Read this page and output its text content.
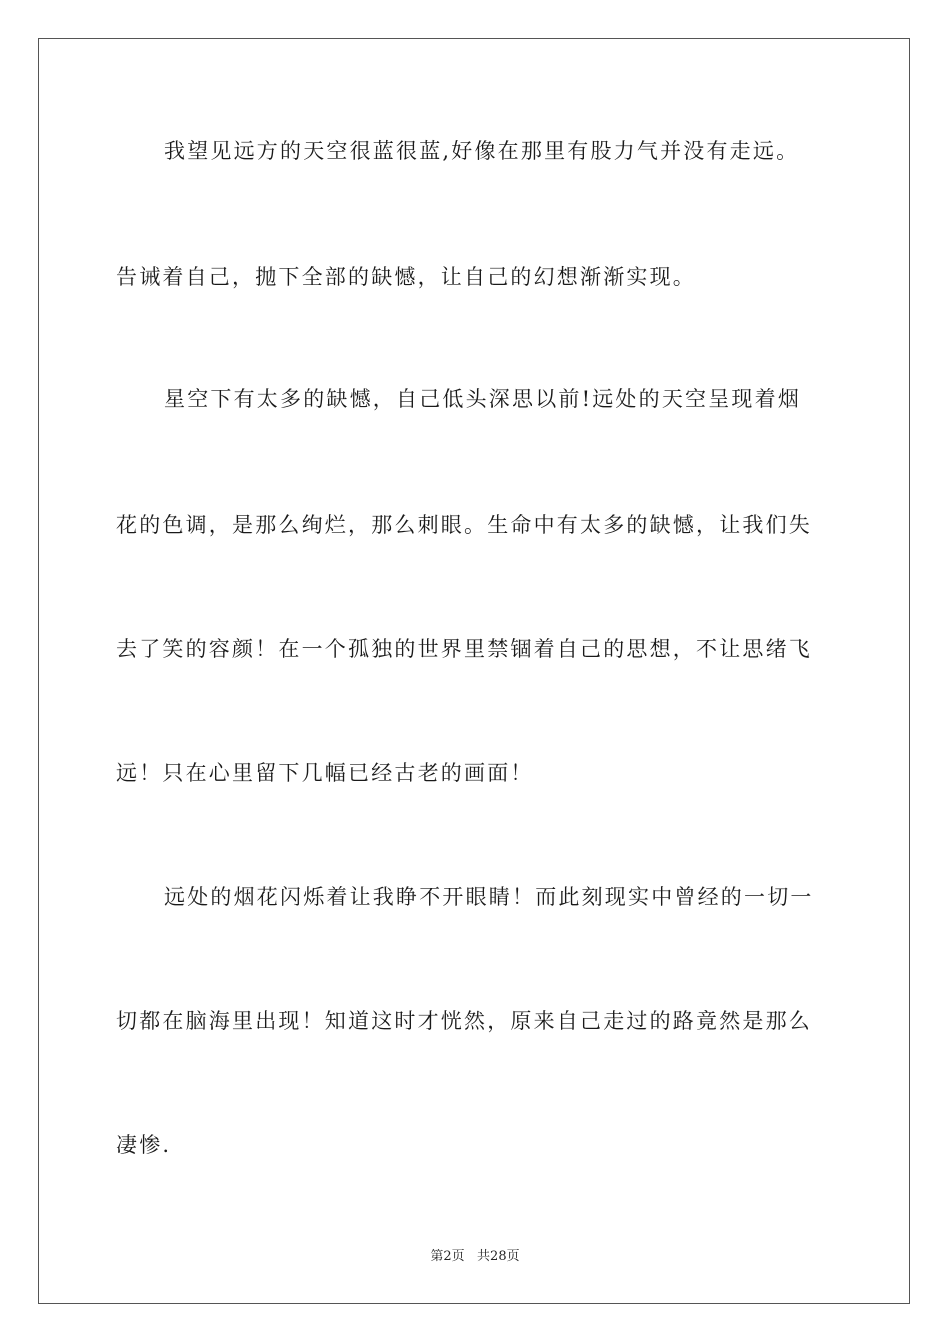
我望见远方的天空很蓝很蓝,好像在那里有股力气并没有走远。
告诫着自己，抛下全部的缺憾，让自己的幻想渐渐实现。
星空下有太多的缺憾，自己低头深思以前!远处的天空呈现着烟
花的色调，是那么绚烂，那么刺眼。生命中有太多的缺憾，让我们失
去了笑的容颜！在一个孤独的世界里禁锢着自己的思想，不让思绪飞
远！只在心里留下几幅已经古老的画面！
远处的烟花闪烁着让我睁不开眼睛！而此刻现实中曾经的一切一
切都在脑海里出现！知道这时才恍然，原来自己走过的路竟然是那么
凄惨.
第2页   共28页
